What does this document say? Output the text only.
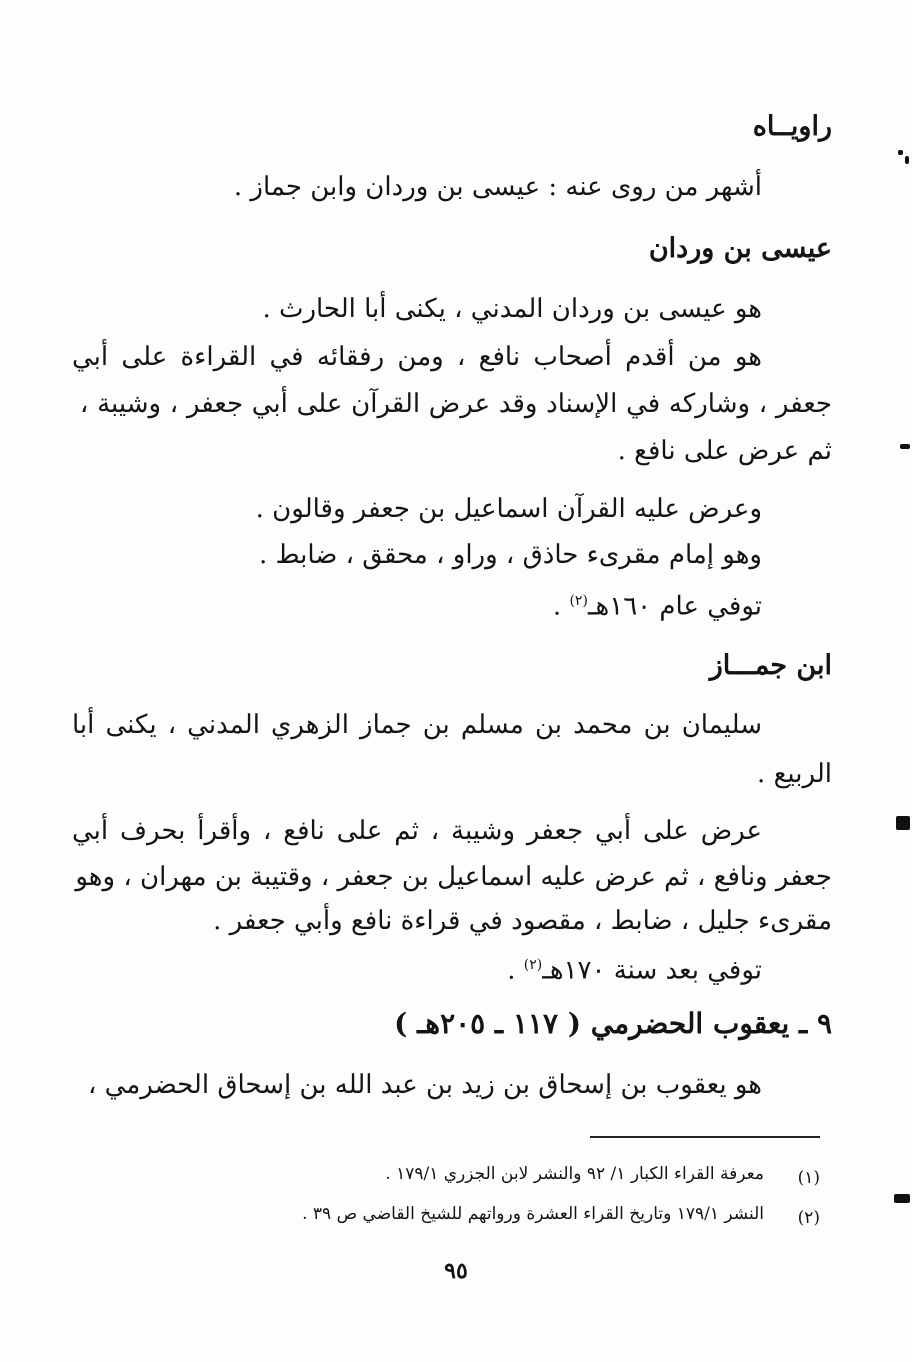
راويــاه
أشهر من روى عنه : عيسى بن وردان وابن جماز .
عيسى بن وردان
هو عيسى بن وردان المدني ، يكنى أبا الحارث .
هو من أقدم أصحاب نافع ، ومن رفقائه في القراءة على أبي
جعفر ، وشاركه في الإسناد وقد عرض القرآن على أبي جعفر ، وشيبة ،
ثم عرض على نافع .
وعرض عليه القرآن اسماعيل بن جعفر وقالون .
وهو إمام مقرىء حاذق ، وراو ، محقق ، ضابط .
توفي عام ١٦٠هـ$^{(٢)}$ .
ابن جمـــاز
سليمان بن محمد بن مسلم بن جماز الزهري المدني ، يكنى أبا
الربيع .
عرض على أبي جعفر وشيبة ، ثم على نافع ، وأقرأ بحرف أبي
جعفر ونافع ، ثم عرض عليه اسماعيل بن جعفر ، وقتيبة بن مهران ، وهو
مقرىء جليل ، ضابط ، مقصود في قراءة نافع وأبي جعفر .
توفي بعد سنة ١٧٠هـ$^{(٢)}$ .
٩ ـ يعقوب الحضرمي ( ١١٧ ـ ٢٠٥هـ )
هو يعقوب بن إسحاق بن زيد بن عبد الله بن إسحاق الحضرمي ،
(١)
معرفة القراء الكبار ١/ ٩٢ والنشر لابن الجزري ١٧٩/١ .
(٢)
النشر ١٧٩/١ وتاريخ القراء العشرة ورواتهم للشيخ القاضي ص ٣٩ .
٩٥
